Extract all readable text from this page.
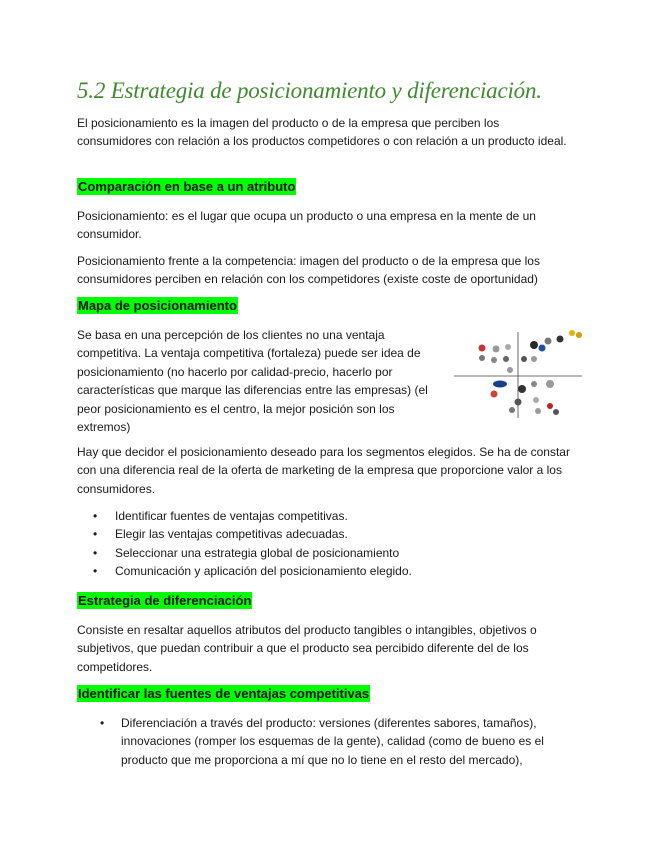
5.2 Estrategia de posicionamiento y diferenciación.

El posicionamiento es la imagen del producto o de la empresa que perciben los consumidores con relación a los productos competidores o con relación a un producto ideal.

Comparación en base a un atributo

Posicionamiento: es el lugar que ocupa un producto o una empresa en la mente de un consumidor.

Posicionamiento frente a la competencia: imagen del producto o de la empresa que los consumidores perciben en relación con los competidores (existe coste de oportunidad)

Mapa de posicionamiento

Se basa en una percepción de los clientes no una ventaja competitiva. La ventaja competitiva (fortaleza) puede ser idea de posicionamiento (no hacerlo por calidad-precio, hacerlo por características que marque las diferencias entre las empresas) (el peor posicionamiento es el centro, la mejor posición son los extremos)

Hay que decidor el posicionamiento deseado para los segmentos elegidos. Se ha de constar con una diferencia real de la oferta de marketing de la empresa que proporcione valor a los consumidores.

• Identificar fuentes de ventajas competitivas.
• Elegir las ventajas competitivas adecuadas.
• Seleccionar una estrategia global de posicionamiento
• Comunicación y aplicación del posicionamiento elegido.
Estrategia de diferenciación

Consiste en resaltar aquellos atributos del producto tangibles o intangibles, objetivos o subjetivos, que puedan contribuir a que el producto sea percibido diferente del de los competidores.

Identificar las fuentes de ventajas competitivas
• Diferenciación a través del producto: versiones (diferentes sabores, tamaños), innovaciones (romper los esquemas de la gente), calidad (como de bueno es el producto que me proporciona a mí que no lo tiene en el resto del mercado),
